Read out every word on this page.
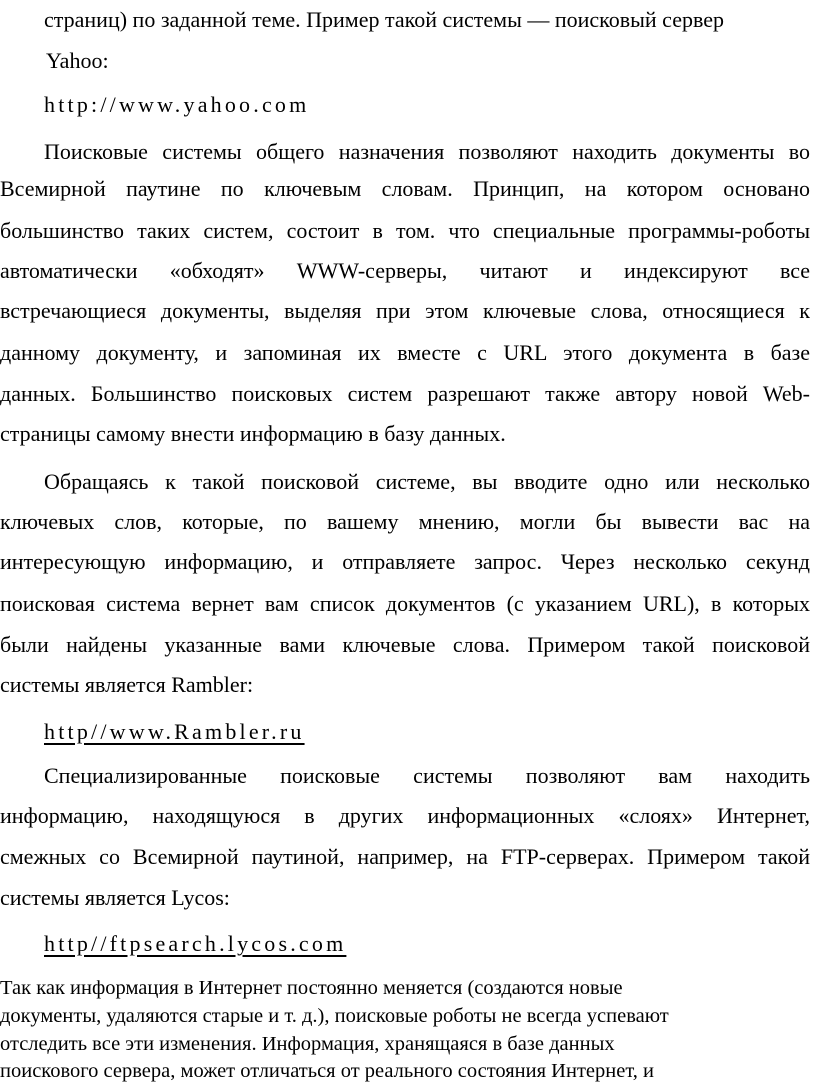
страниц) по заданной теме. Пример такой системы — поисковый сервер
Yahoo:
http://www.yahoo.com
Поисковые системы общего назначения позволяют находить документы во
Всемирной паутине по ключевым словам. Принцип, на котором основано
большинство таких систем, состоит в том. что специальные программы-роботы
автоматически «обходят» WWW-серверы, читают и индексируют все
встречающиеся документы, выделяя при этом ключевые слова, относящиеся к
данному документу, и запоминая их вместе с URL этого документа в базе
данных. Большинство поисковых систем разрешают также автору новой Web-
страницы самому внести информацию в базу данных.
Обращаясь к такой поисковой системе, вы вводите одно или несколько
ключевых слов, которые, по вашему мнению, могли бы вывести вас на
интересующую информацию, и отправляете запрос. Через несколько секунд
поисковая система вернет вам список документов (с указанием URL), в которых
были найдены указанные вами ключевые слова. Примером такой поисковой
системы является Rambler:
http//www.Rambler.ru
Специализированные поисковые системы позволяют вам находить
информацию, находящуюся в других информационных «слоях» Интернет,
смежных со Всемирной паутиной, например, на FTP-серверах. Примером такой
системы является Lycos:
http//ftpsearch.lycos.com
Так как информация в Интернет постоянно меняется (создаются новые
документы, удаляются старые и т. д.), поисковые роботы не всегда успевают
отследить все эти изменения. Информация, хранящаяся в базе данных
поискового сервера, может отличаться от реального состояния Интернет, и
